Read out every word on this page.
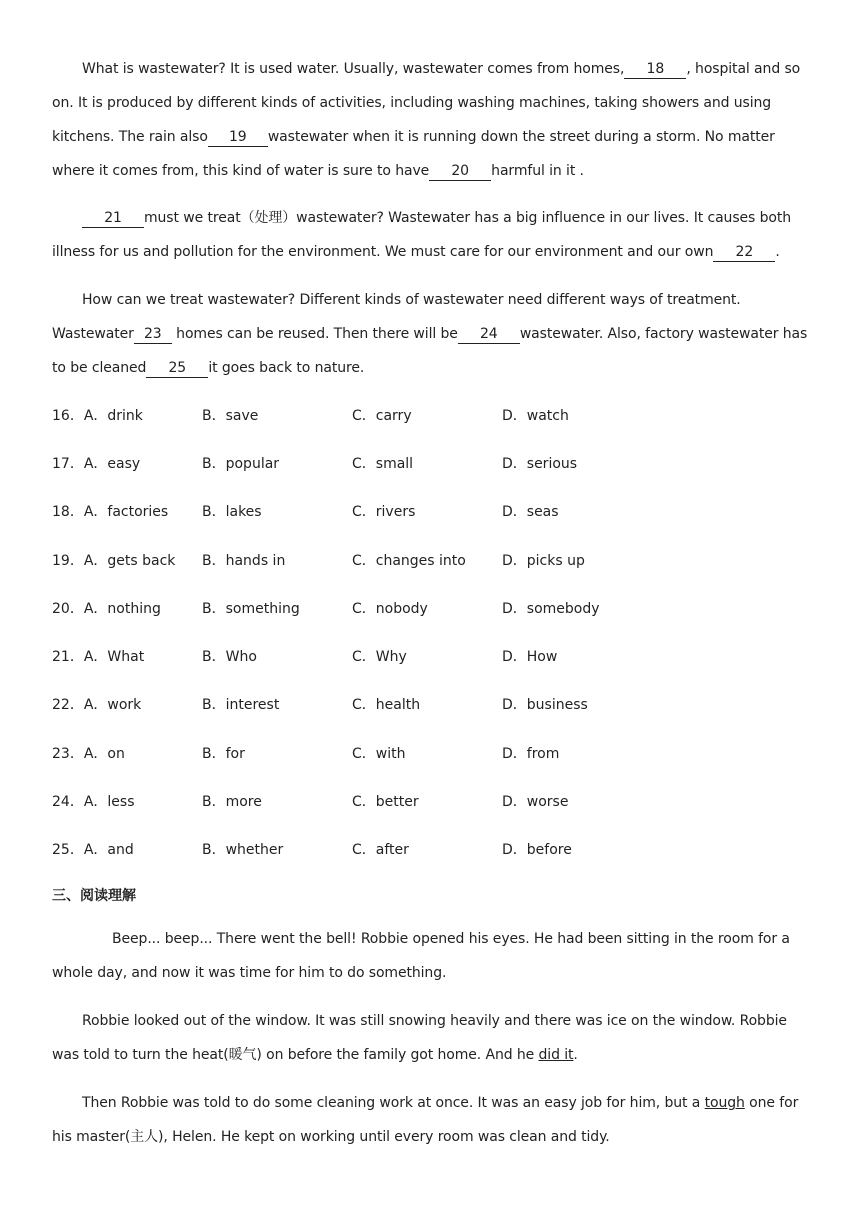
What is wastewater? It is used water. Usually, wastewater comes from homes, 18 , hospital and so on. It is produced by different kinds of activities, including washing machines, taking showers and using kitchens. The rain also 19 wastewater when it is running down the street during a storm. No matter where it comes from, this kind of water is sure to have 20 harmful in it .

21 must we treat（处理）wastewater? Wastewater has a big influence in our lives. It causes both illness for us and pollution for the environment. We must care for our environment and our own 22 .

How can we treat wastewater? Different kinds of wastewater need different ways of treatment. Wastewater 23 homes can be reused. Then there will be 24 wastewater. Also, factory wastewater has to be cleaned 25 it goes back to nature.

16．A．drink	B．save	C．carry	D．watch
17．A．easy	B．popular	C．small	D．serious
18．A．factories B．lakes	C．rivers	D．seas
19．A．gets back B．hands in	C．changes into	D．picks up
20．A．nothing	B．something	C．nobody	D．somebody
21．A．What	B．Who	C．Why	D．How
22．A．work	B．interest	C．health	D．business
23．A．on	B．for	C．with	D．from
24．A．less	B．more	C．better	D．worse
25．A．and	B．whether	C．after	D．before
三、阅读理解

Beep... beep... There went the bell! Robbie opened his eyes. He had been sitting in the room for a whole day, and now it was time for him to do something.

Robbie looked out of the window. It was still snowing heavily and there was ice on the window. Robbie was told to turn the heat(暖气) on before the family got home. And he did it.

Then Robbie was told to do some cleaning work at once. It was an easy job for him, but a tough one for his master(主人), Helen. He kept on working until every room was clean and tidy.
